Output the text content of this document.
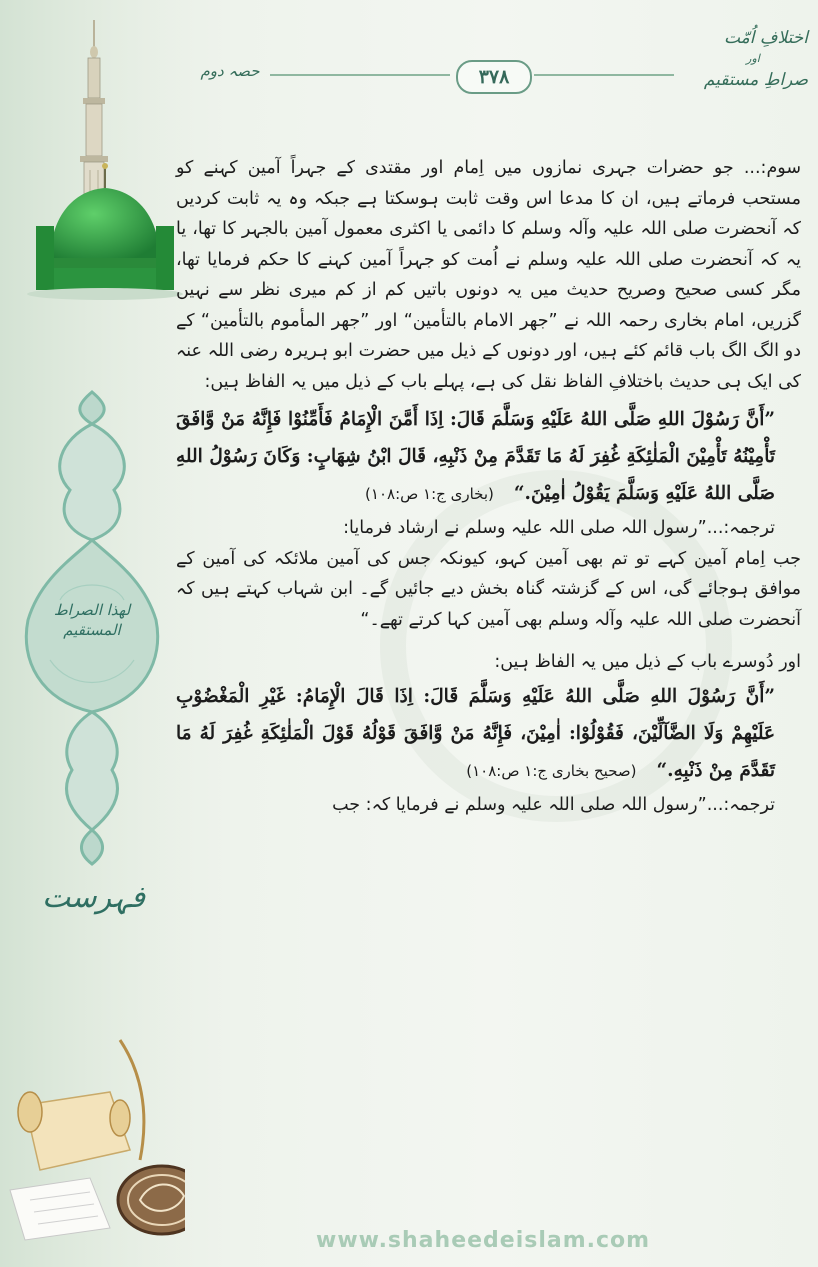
لهذا الصراط المستقيم
۳۷۸
حصہ دوم
اختلافِ اُمّت
اور
صراطِ مستقیم

سوم:... جو حضرات جہری نمازوں میں اِمام اور مقتدی کے جہراً آمین کہنے کو مستحب فرماتے ہیں، ان کا مدعا اس وقت ثابت ہوسکتا ہے جبکہ وہ یہ ثابت کردیں کہ آنحضرت صلی اللہ علیہ وآلہ وسلم کا دائمی یا اکثری معمول آمین بالجہر کا تھا، یا یہ کہ آنحضرت صلی اللہ علیہ وسلم نے اُمت کو جہراً آمین کہنے کا حکم فرمایا تھا، مگر کسی صحیح وصریح حدیث میں یہ دونوں باتیں کم از کم میری نظر سے نہیں گزریں، امام بخاری رحمہ اللہ نے ”جهر الامام بالتأمين“ اور ”جهر المأموم بالتأمين“ کے دو الگ الگ باب قائم کئے ہیں، اور دونوں کے ذیل میں حضرت ابو ہریرہ رضی اللہ عنہ کی ایک ہی حدیث باختلافِ الفاظ نقل کی ہے، پہلے باب کے ذیل میں یہ الفاظ ہیں:

”أَنَّ رَسُوْلَ اللهِ صَلَّى اللهُ عَلَيْهِ وَسَلَّمَ قَالَ: اِذَا أَمَّنَ الْإِمَامُ فَأَمِّنُوْا فَإِنَّهُ مَنْ وَّافَقَ تَأْمِيْنُهُ تَأْمِيْنَ الْمَلٰئِكَةِ غُفِرَ لَهُ مَا تَقَدَّمَ مِنْ ذَنْبِهِ، قَالَ ابْنُ شِهَابٍ: وَكَانَ رَسُوْلُ اللهِ صَلَّى اللهُ عَلَيْهِ وَسَلَّمَ يَقُوْلُ اٰمِيْنَ.“(بخاری ج:۱ ص:۱۰۸)

ترجمہ:...”رسول اللہ صلی اللہ علیہ وسلم نے ارشاد فرمایا:

جب اِمام آمین کہے تو تم بھی آمین کہو، کیونکہ جس کی آمین ملائکہ کی آمین کے موافق ہوجائے گی، اس کے گزشتہ گناہ بخش دیے جائیں گے۔ ابن شہاب کہتے ہیں کہ آنحضرت صلی اللہ علیہ وآلہ وسلم بھی آمین کہا کرتے تھے۔“

اور دُوسرے باب کے ذیل میں یہ الفاظ ہیں:

”أَنَّ رَسُوْلَ اللهِ صَلَّى اللهُ عَلَيْهِ وَسَلَّمَ قَالَ: اِذَا قَالَ الْإِمَامُ: غَيْرِ الْمَغْضُوْبِ عَلَيْهِمْ وَلَا الضَّآلِّيْنَ، فَقُوْلُوْا: اٰمِيْنَ، فَإِنَّهُ مَنْ وَّافَقَ قَوْلُهُ قَوْلَ الْمَلٰئِكَةِ غُفِرَ لَهُ مَا تَقَدَّمَ مِنْ ذَنْبِهِ.“(صحیح بخاری ج:۱ ص:۱۰۸)

ترجمہ:...”رسول اللہ صلی اللہ علیہ وسلم نے فرمایا کہ: جب

فہرست
www.shaheedeislam.com
